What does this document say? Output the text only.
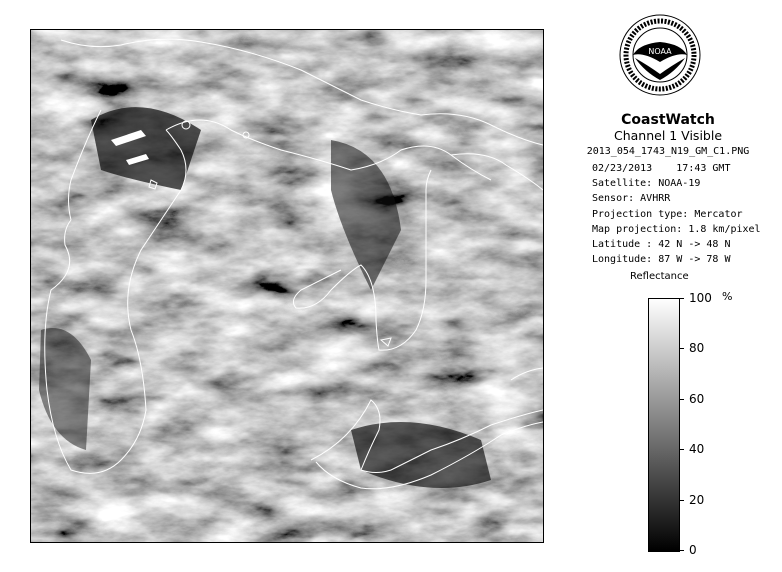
NOAA
CoastWatch
Channel 1 Visible
2013_054_1743_N19_GM_C1.PNG
02/23/2013 17:43 GMT
Satellite: NOAA-19
Sensor: AVHRR
Projection type: Mercator
Map projection: 1.8 km/pixel
Latitude : 42 N -> 48 N
Longitude: 87 W -> 78 W
Reflectance
%
100
80
60
40
20
0
